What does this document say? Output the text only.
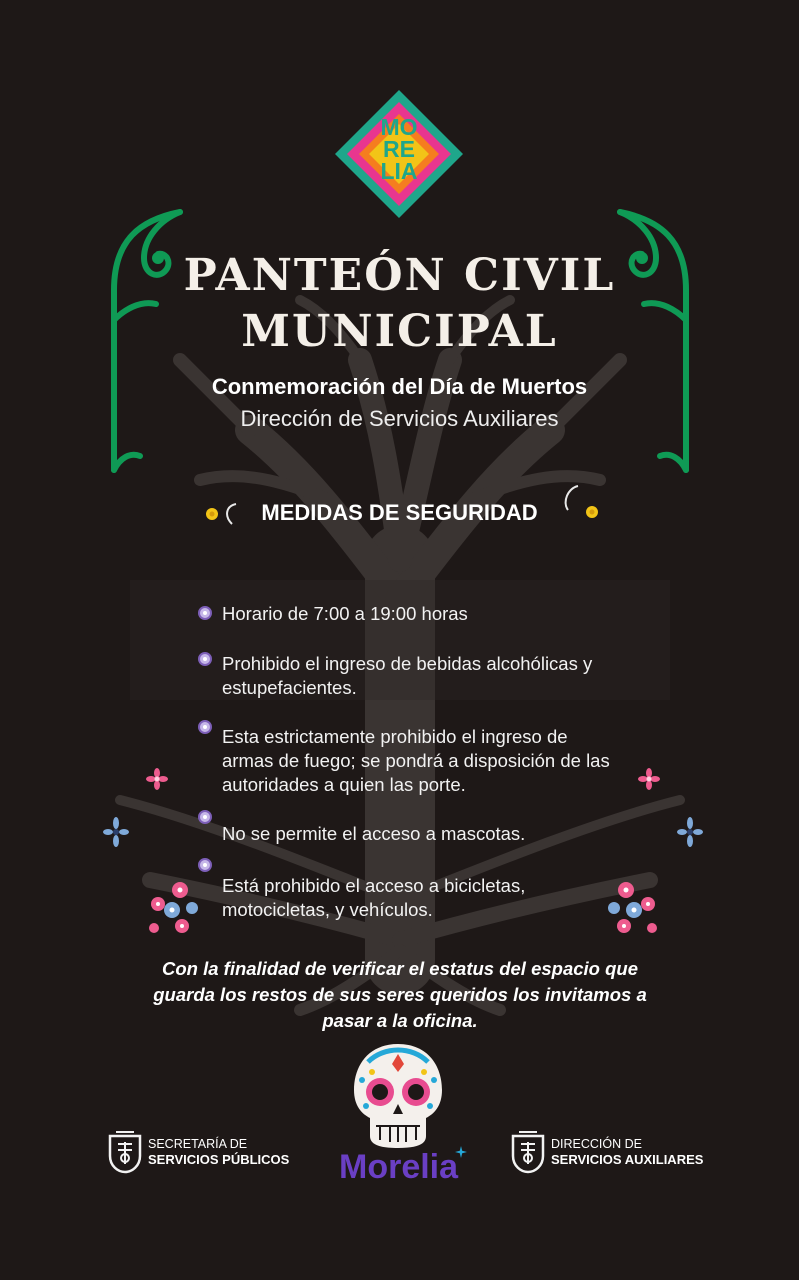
MO
RE
LIA
PANTEÓN CIVIL
MUNICIPAL
Conmemoración del Día de Muertos
Dirección de Servicios Auxiliares
MEDIDAS DE SEGURIDAD
Horario de 7:00 a 19:00 horas
Prohibido el ingreso de bebidas alcohólicas y
estupefacientes.
Esta estrictamente prohibido el ingreso de
armas de fuego; se pondrá a disposición de las
autoridades a quien las porte.
No se permite el acceso a mascotas.
Está prohibido el acceso a bicicletas,
motocicletas, y vehículos.
Con la finalidad de verificar el estatus del espacio que
guarda los restos de sus seres queridos los invitamos a
pasar a la oficina.
SECRETARÍA DE
SERVICIOS PÚBLICOS Morelia
DIRECCIÓN DE
SERVICIOS AUXILIARES
